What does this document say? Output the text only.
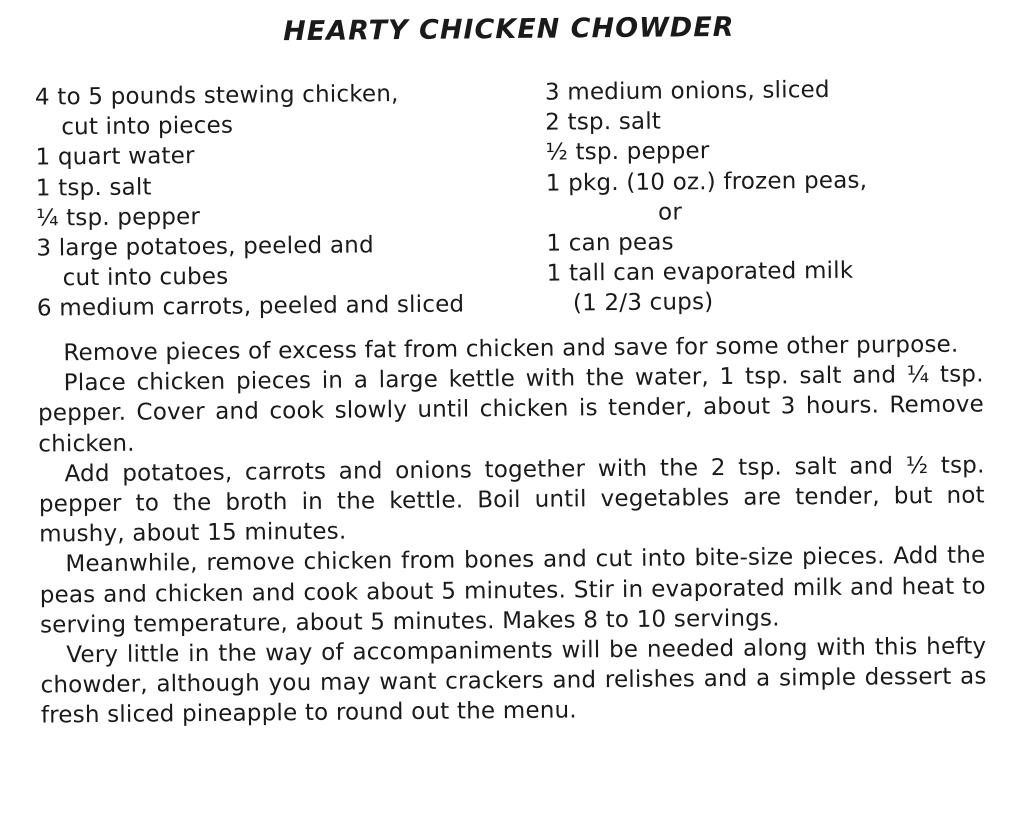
HEARTY CHICKEN CHOWDER
4 to 5 pounds stewing chicken,
cut into pieces
1 quart water
1 tsp. salt
¼ tsp. pepper
3 large potatoes, peeled and
cut into cubes
6 medium carrots, peeled and sliced
3 medium onions, sliced
2 tsp. salt
½ tsp. pepper
1 pkg. (10 oz.) frozen peas,
or
1 can peas
1 tall can evaporated milk
(1 2/3 cups)

Remove pieces of excess fat from chicken and save for some other purpose.

Place chicken pieces in a large kettle with the water, 1 tsp. salt and ¼ tsp. pepper. Cover and cook slowly until chicken is tender, about 3 hours. Remove chicken.

Add potatoes, carrots and onions together with the 2 tsp. salt and ½ tsp. pepper to the broth in the kettle. Boil until vegetables are tender, but not mushy, about 15 minutes.

Meanwhile, remove chicken from bones and cut into bite-size pieces. Add the peas and chicken and cook about 5 minutes. Stir in evaporated milk and heat to serving temperature, about 5 minutes. Makes 8 to 10 servings.

Very little in the way of accompaniments will be needed along with this hefty chowder, although you may want crackers and relishes and a simple dessert as fresh sliced pineapple to round out the menu.
